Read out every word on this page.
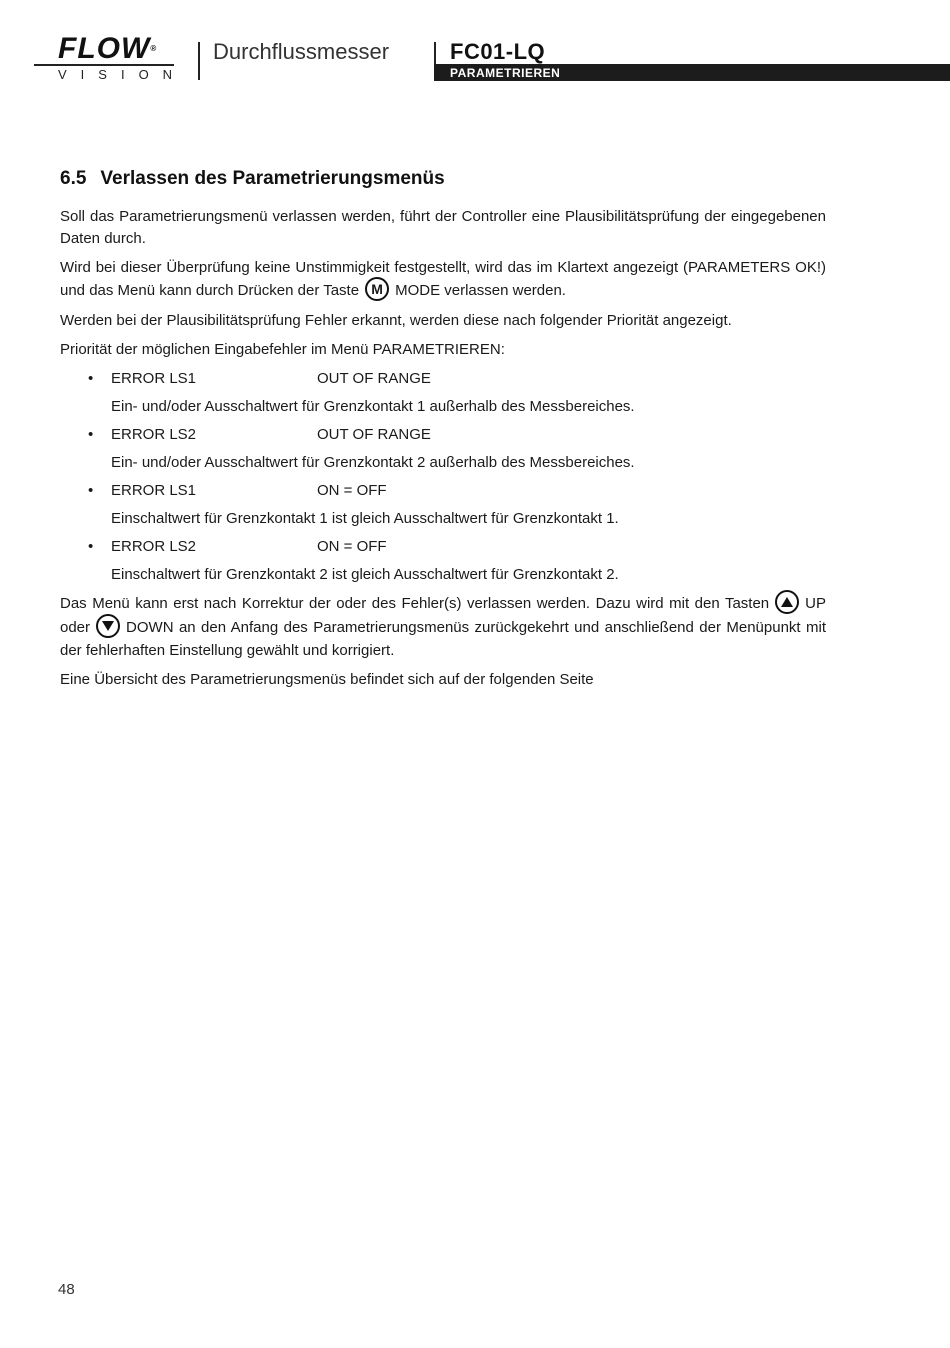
FLOW®
VISION
Durchflussmesser	FC01-LQ
PARAMETRIEREN
6.5 Verlassen des Parametrierungsmenüs

Soll das Parametrierungsmenü verlassen werden, führt der Controller eine Plausibilitätsprüfung der eingegebenen Daten durch.

Wird bei dieser Überprüfung keine Unstimmigkeit festgestellt, wird das im Klartext angezeigt (PARAMETERS OK!) und das Menü kann durch Drücken der Taste M MODE verlassen werden.

Werden bei der Plausibilitätsprüfung Fehler erkannt, werden diese nach folgender Priorität angezeigt.

Priorität der möglichen Eingabefehler im Menü PARAMETRIEREN:

• ERROR LS1	OUT OF RANGE
Ein- und/oder Ausschaltwert für Grenzkontakt 1 außerhalb des Messbereiches.
• ERROR LS2	OUT OF RANGE
Ein- und/oder Ausschaltwert für Grenzkontakt 2 außerhalb des Messbereiches.
• ERROR LS1	ON = OFF
Einschaltwert für Grenzkontakt 1 ist gleich Ausschaltwert für Grenzkontakt 1.
• ERROR LS2	ON = OFF
Einschaltwert für Grenzkontakt 2 ist gleich Ausschaltwert für Grenzkontakt 2.

Das Menü kann erst nach Korrektur der oder des Fehler(s) verlassen werden. Dazu wird mit den Tasten UP oder DOWN an den Anfang des Parametrierungsmenüs zurückgekehrt und anschließend der Menüpunkt mit der fehlerhaften Einstellung gewählt und korrigiert.

Eine Übersicht des Parametrierungsmenüs befindet sich auf der folgenden Seite

48
